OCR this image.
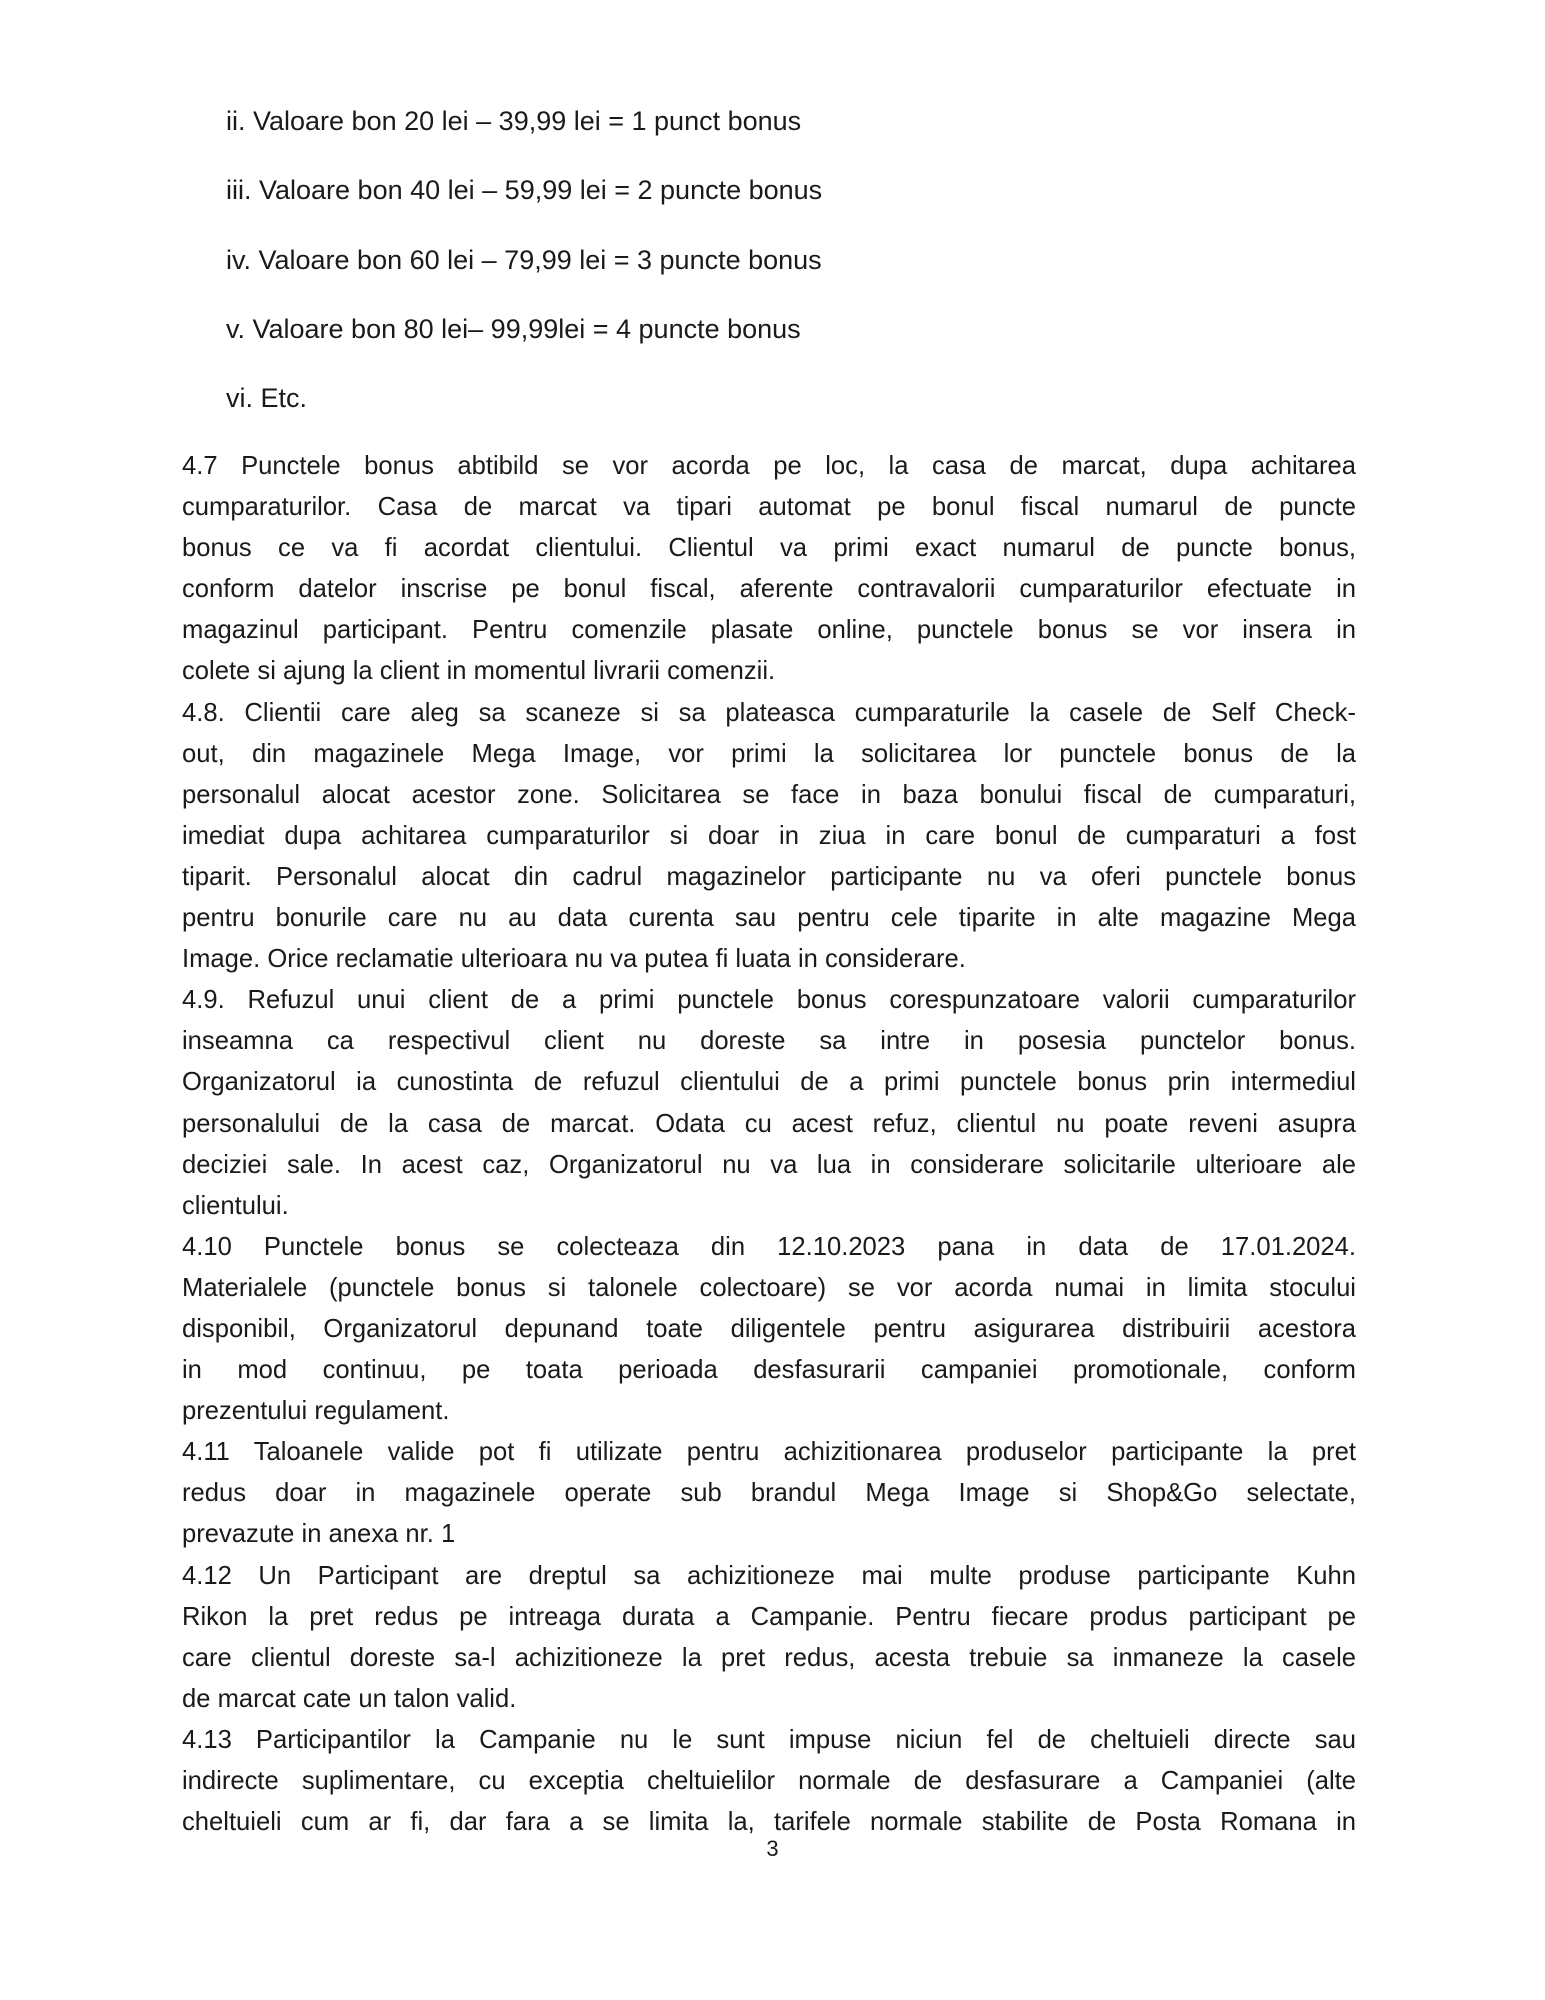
ii. Valoare bon 20 lei – 39,99 lei = 1 punct bonus
iii. Valoare bon 40 lei – 59,99 lei = 2 puncte bonus
iv. Valoare bon 60 lei – 79,99 lei = 3 puncte bonus
v. Valoare bon 80 lei– 99,99lei = 4 puncte bonus
vi. Etc.
4.7 Punctele bonus abtibild se vor acorda pe loc, la casa de marcat, dupa achitarea
cumparaturilor. Casa de marcat va tipari automat pe bonul fiscal numarul de puncte
bonus ce va fi acordat clientului. Clientul va primi exact numarul de puncte bonus,
conform datelor inscrise pe bonul fiscal, aferente contravalorii cumparaturilor efectuate in
magazinul participant. Pentru comenzile plasate online, punctele bonus se vor insera in
colete si ajung la client in momentul livrarii comenzii.
4.8. Clientii care aleg sa scaneze si sa plateasca cumparaturile la casele de Self Check-
out, din magazinele Mega Image, vor primi la solicitarea lor punctele bonus de la
personalul alocat acestor zone. Solicitarea se face in baza bonului fiscal de cumparaturi,
imediat dupa achitarea cumparaturilor si doar in ziua in care bonul de cumparaturi a fost
tiparit. Personalul alocat din cadrul magazinelor participante nu va oferi punctele bonus
pentru bonurile care nu au data curenta sau pentru cele tiparite in alte magazine Mega
Image. Orice reclamatie ulterioara nu va putea fi luata in considerare.
4.9. Refuzul unui client de a primi punctele bonus corespunzatoare valorii cumparaturilor
inseamna ca respectivul client nu doreste sa intre in posesia punctelor bonus.
Organizatorul ia cunostinta de refuzul clientului de a primi punctele bonus prin intermediul
personalului de la casa de marcat. Odata cu acest refuz, clientul nu poate reveni asupra
deciziei sale. In acest caz, Organizatorul nu va lua in considerare solicitarile ulterioare ale
clientului.
4.10 Punctele bonus se colecteaza din 12.10.2023 pana in data de 17.01.2024.
Materialele (punctele bonus si talonele colectoare) se vor acorda numai in limita stocului
disponibil, Organizatorul depunand toate diligentele pentru asigurarea distribuirii acestora
in mod continuu, pe toata perioada desfasurarii campaniei promotionale, conform
prezentului regulament.
4.11 Taloanele valide pot fi utilizate pentru achizitionarea produselor participante la pret
redus doar in magazinele operate sub brandul Mega Image si Shop&Go selectate,
prevazute in anexa nr. 1
4.12 Un Participant are dreptul sa achizitioneze mai multe produse participante Kuhn
Rikon la pret redus pe intreaga durata a Campanie. Pentru fiecare produs participant pe
care clientul doreste sa-l achizitioneze la pret redus, acesta trebuie sa inmaneze la casele
de marcat cate un talon valid.
4.13 Participantilor la Campanie nu le sunt impuse niciun fel de cheltuieli directe sau
indirecte suplimentare, cu exceptia cheltuielilor normale de desfasurare a Campaniei (alte
cheltuieli cum ar fi, dar fara a se limita la, tarifele normale stabilite de Posta Romana in
3
